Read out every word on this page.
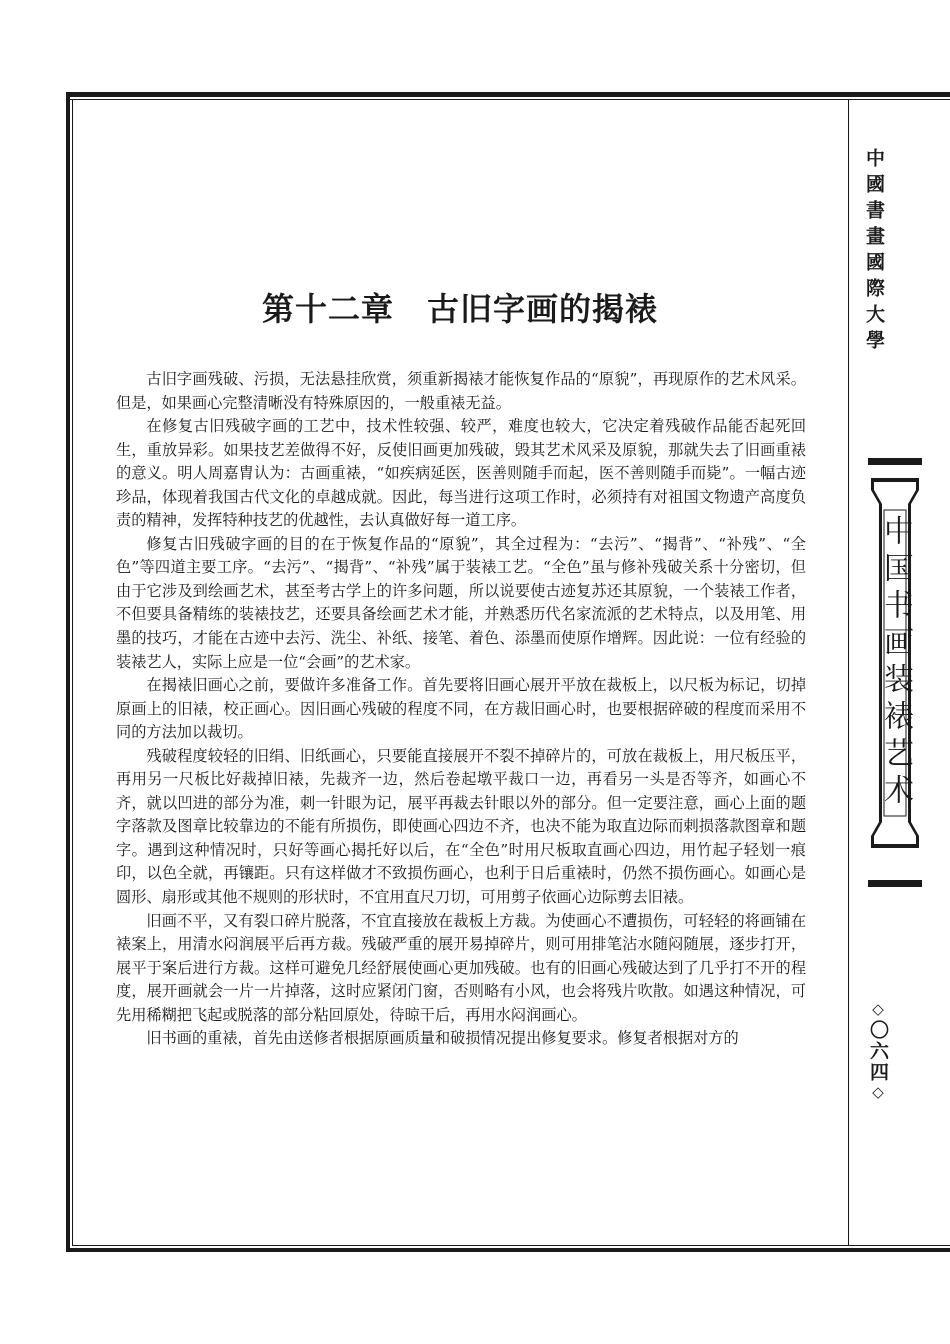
第十二章　古旧字画的揭裱

古旧字画残破、污损，无法悬挂欣赏，须重新揭裱才能恢复作品的“原貌”，再现原作的艺术风采。但是，如果画心完整清晰没有特殊原因的，一般重裱无益。

在修复古旧残破字画的工艺中，技术性较强、较严，难度也较大，它决定着残破作品能否起死回生，重放异彩。如果技艺差做得不好，反使旧画更加残破，毁其艺术风采及原貌，那就失去了旧画重裱的意义。明人周嘉胄认为：古画重裱，“如疾病延医，医善则随手而起，医不善则随手而毙”。一幅古迹珍品，体现着我国古代文化的卓越成就。因此，每当进行这项工作时，必须持有对祖国文物遗产高度负责的精神，发挥特种技艺的优越性，去认真做好每一道工序。

修复古旧残破字画的目的在于恢复作品的“原貌”，其全过程为：“去污”、“揭背”、“补残”、“全色”等四道主要工序。“去污”、“揭背”、“补残”属于装裱工艺。“全色”虽与修补残破关系十分密切，但由于它涉及到绘画艺术，甚至考古学上的许多问题，所以说要使古迹复苏还其原貌，一个装裱工作者，不但要具备精练的装裱技艺，还要具备绘画艺术才能，并熟悉历代名家流派的艺术特点，以及用笔、用墨的技巧，才能在古迹中去污、洗尘、补纸、接笔、着色、添墨而使原作增辉。因此说：一位有经验的装裱艺人，实际上应是一位“会画”的艺术家。

在揭裱旧画心之前，要做许多准备工作。首先要将旧画心展开平放在裁板上，以尺板为标记，切掉原画上的旧裱，校正画心。因旧画心残破的程度不同，在方裁旧画心时，也要根据碎破的程度而采用不同的方法加以裁切。

残破程度较轻的旧绢、旧纸画心，只要能直接展开不裂不掉碎片的，可放在裁板上，用尺板压平，再用另一尺板比好裁掉旧裱，先裁齐一边，然后卷起墩平裁口一边，再看另一头是否等齐，如画心不齐，就以凹进的部分为准，刺一针眼为记，展平再裁去针眼以外的部分。但一定要注意，画心上面的题字落款及图章比较靠边的不能有所损伤，即使画心四边不齐，也决不能为取直边际而剌损落款图章和题字。遇到这种情况时，只好等画心揭托好以后，在“全色”时用尺板取直画心四边，用竹起子轻划一痕印，以色全就，再镶距。只有这样做才不致损伤画心，也利于日后重裱时，仍然不损伤画心。如画心是圆形、扇形或其他不规则的形状时，不宜用直尺刀切，可用剪子依画心边际剪去旧裱。

旧画不平，又有裂口碎片脱落，不宜直接放在裁板上方裁。为使画心不遭损伤，可轻轻的将画铺在裱案上，用清水闷润展平后再方裁。残破严重的展开易掉碎片，则可用排笔沾水随闷随展，逐步打开，展平于案后进行方裁。这样可避免几经舒展使画心更加残破。也有的旧画心残破达到了几乎打不开的程度，展开画就会一片一片掉落，这时应紧闭门窗，否则略有小风，也会将残片吹散。如遇这种情况，可先用稀糊把飞起或脱落的部分粘回原处，待晾干后，再用水闷润画心。

旧书画的重裱，首先由送修者根据原画质量和破损情况提出修复要求。修复者根据对方的

中國書畫國際大學
中国书画装裱艺术
◇〇六四◇
